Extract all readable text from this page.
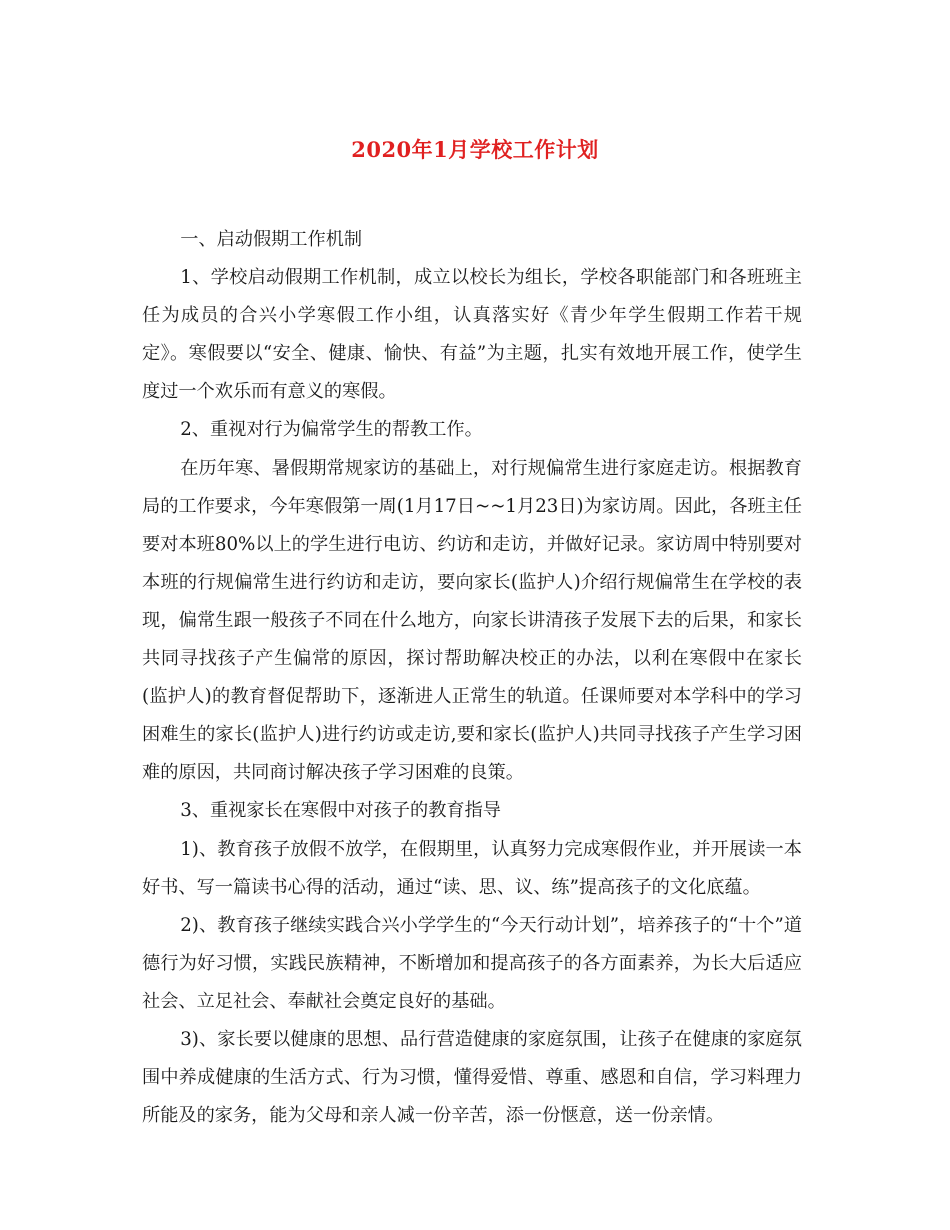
2020年1月学校工作计划

一、启动假期工作机制

1、学校启动假期工作机制，成立以校长为组长，学校各职能部门和各班班主任为成员的合兴小学寒假工作小组，认真落实好《青少年学生假期工作若干规定》。寒假要以“安全、健康、愉快、有益”为主题，扎实有效地开展工作，使学生度过一个欢乐而有意义的寒假。

2、重视对行为偏常学生的帮教工作。

在历年寒、暑假期常规家访的基础上，对行规偏常生进行家庭走访。根据教育局的工作要求，今年寒假第一周(1月17日~~1月23日)为家访周。因此，各班主任要对本班80%以上的学生进行电访、约访和走访，并做好记录。家访周中特别要对本班的行规偏常生进行约访和走访，要向家长(监护人)介绍行规偏常生在学校的表现，偏常生跟一般孩子不同在什么地方，向家长讲清孩子发展下去的后果，和家长共同寻找孩子产生偏常的原因，探讨帮助解决校正的办法，以利在寒假中在家长(监护人)的教育督促帮助下，逐渐进人正常生的轨道。任课师要对本学科中的学习困难生的家长(监护人)进行约访或走访,要和家长(监护人)共同寻找孩子产生学习困难的原因，共同商讨解决孩子学习困难的良策。

3、重视家长在寒假中对孩子的教育指导

1)、教育孩子放假不放学，在假期里，认真努力完成寒假作业，并开展读一本好书、写一篇读书心得的活动，通过“读、思、议、练”提高孩子的文化底蕴。

2)、教育孩子继续实践合兴小学学生的“今天行动计划”，培养孩子的“十个”道德行为好习惯，实践民族精神，不断增加和提高孩子的各方面素养，为长大后适应社会、立足社会、奉献社会奠定良好的基础。

3)、家长要以健康的思想、品行营造健康的家庭氛围，让孩子在健康的家庭氛围中养成健康的生活方式、行为习惯，懂得爱惜、尊重、感恩和自信，学习料理力所能及的家务，能为父母和亲人减一份辛苦，添一份惬意，送一份亲情。
